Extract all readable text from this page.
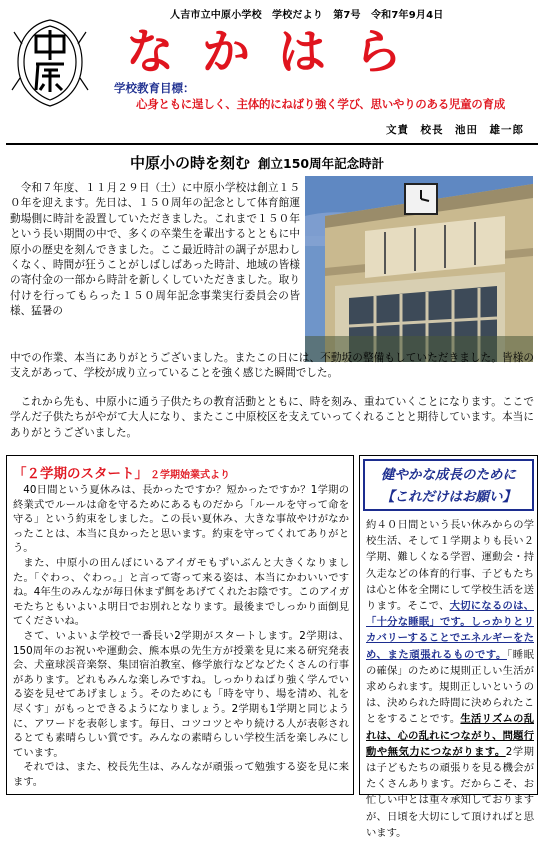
中原	人吉市立中原小学校　学校だより　第7号　令和7年9月4日
なかはら
学校教育目標：
心身ともに逞しく、主体的にねばり強く学び、思いやりのある児童の育成
文責　校長　池田　雄一郎
中原小の時を刻む 創立150周年記念時計
令和７年度、１１月２９日（土）に中原小学校は創立１５０年を迎えます。先日は、１５０周年の記念として体育館運動場側に時計を設置していただきました。これまで１５０年という長い期間の中で、多くの卒業生を輩出するとともに中原小の歴史を刻んできました。ここ最近時計の調子が思わしくなく、時間が狂うことがしばしばあった時計、地域の皆様の寄付金の一部から時計を新しくしていただきました。取り付けを行ってもらった１５０周年記念事業実行委員会の皆様、猛暑の
中での作業、本当にありがとうございました。またこの日には、不動坂の整備もしていただきました。皆様の支えがあって、学校が成り立っていることを強く感じた瞬間でした。
これから先も、中原小に通う子供たちの教育活動とともに、時を刻み、重ねていくことになります。ここで学んだ子供たちがやがて大人になり、またここ中原校区を支えていってくれることと期待しています。本当にありがとうございました。
「２学期のスタート」 ２学期始業式より

40日間という夏休みは、長かったですか？短かったですか？1学期の終業式でルールは命を守るためにあるものだから「ルールを守って命を守る」という約束をしました。この長い夏休み、大きな事故やけがなかったことは、本当に良かったと思います。約束を守ってくれてありがとう。

また、中原小の田んぼにいるアイガモもずいぶんと大きくなりました。「ぐわっ、ぐわっ。」と言って寄って来る姿は、本当にかわいいですね。4年生のみんなが毎日休まず餌をあげてくれたお陰です。このアイガモたちともいよいよ明日でお別れとなります。最後までしっかり面倒見てくださいね。

さて、いよいよ学校で一番長い2学期がスタートします。2学期は、150周年のお祝いや運動会、熊本県の先生方が授業を見に来る研究発表会、犬童球渓音楽祭、集団宿泊教室、修学旅行などなどたくさんの行事があります。どれもみんな楽しみですね。しっかりねばり強く学んでいる姿を見せてあげましょう。そのためにも「時を守り、場を清め、礼を尽くす」がもっとできるようになりましょう。2学期も1学期と同じように、アワードを表彰します。毎日、コツコツとやり続ける人が表彰されるとても素晴らしい賞です。みんなの素晴らしい学校生活を楽しみにしています。

それでは、また、校長先生は、みんなが頑張って勉強する姿を見に来ます。

健やかな成長のために
【これだけはお願い】
約４０日間という長い休みからの学校生活、そして１学期よりも長い２学期、難しくなる学習、運動会・持久走などの体育的行事、子どもたちは心と体を全開にして学校生活を送ります。そこで、大切になるのは、「十分な睡眠」です。しっかりとリカバリーすることでエネルギーをため、また頑張れるものです。「睡眠の確保」のために規則正しい生活が求められます。規則正しいというのは、決められた時間に決められたことをすることです。生活リズムの乱れは、心の乱れにつながり、問題行動や無気力につながります。2学期は子どもたちの頑張りを見る機会がたくさんあります。だからこそ、お忙しい中とは重々承知しておりますが、日頃を大切にして頂ければと思います。
